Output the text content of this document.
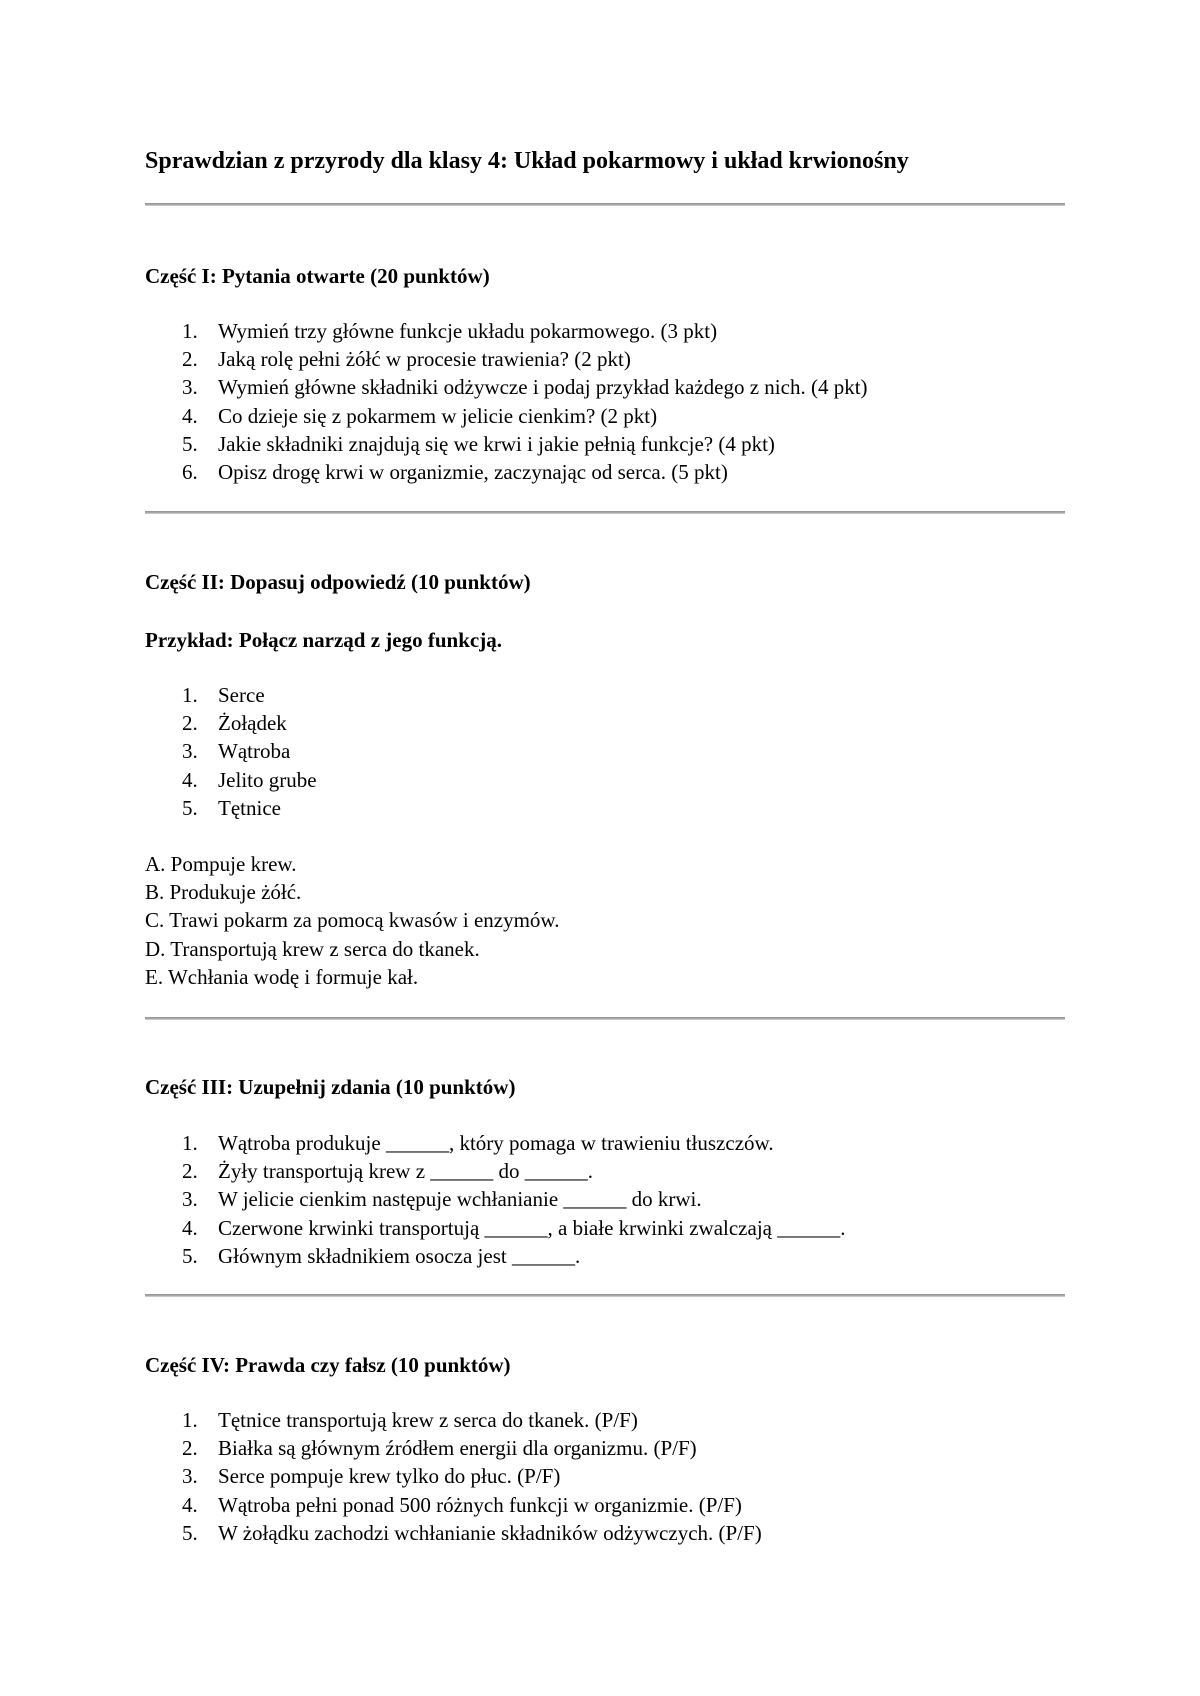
Sprawdzian z przyrody dla klasy 4: Układ pokarmowy i układ krwionośny
Część I: Pytania otwarte (20 punktów)
1. Wymień trzy główne funkcje układu pokarmowego. (3 pkt)
2. Jaką rolę pełni żółć w procesie trawienia? (2 pkt)
3. Wymień główne składniki odżywcze i podaj przykład każdego z nich. (4 pkt)
4. Co dzieje się z pokarmem w jelicie cienkim? (2 pkt)
5. Jakie składniki znajdują się we krwi i jakie pełnią funkcje? (4 pkt)
6. Opisz drogę krwi w organizmie, zaczynając od serca. (5 pkt)
Część II: Dopasuj odpowiedź (10 punktów)
Przykład: Połącz narząd z jego funkcją.
1. Serce
2. Żołądek
3. Wątroba
4. Jelito grube
5. Tętnice
A. Pompuje krew.
B. Produkuje żółć.
C. Trawi pokarm za pomocą kwasów i enzymów.
D. Transportują krew z serca do tkanek.
E. Wchłania wodę i formuje kał.
Część III: Uzupełnij zdania (10 punktów)
1. Wątroba produkuje ______, który pomaga w trawieniu tłuszczów.
2. Żyły transportują krew z ______ do ______.
3. W jelicie cienkim następuje wchłanianie ______ do krwi.
4. Czerwone krwinki transportują ______, a białe krwinki zwalczają ______.
5. Głównym składnikiem osocza jest ______.
Część IV: Prawda czy fałsz (10 punktów)
1. Tętnice transportują krew z serca do tkanek. (P/F)
2. Białka są głównym źródłem energii dla organizmu. (P/F)
3. Serce pompuje krew tylko do płuc. (P/F)
4. Wątroba pełni ponad 500 różnych funkcji w organizmie. (P/F)
5. W żołądku zachodzi wchłanianie składników odżywczych. (P/F)
